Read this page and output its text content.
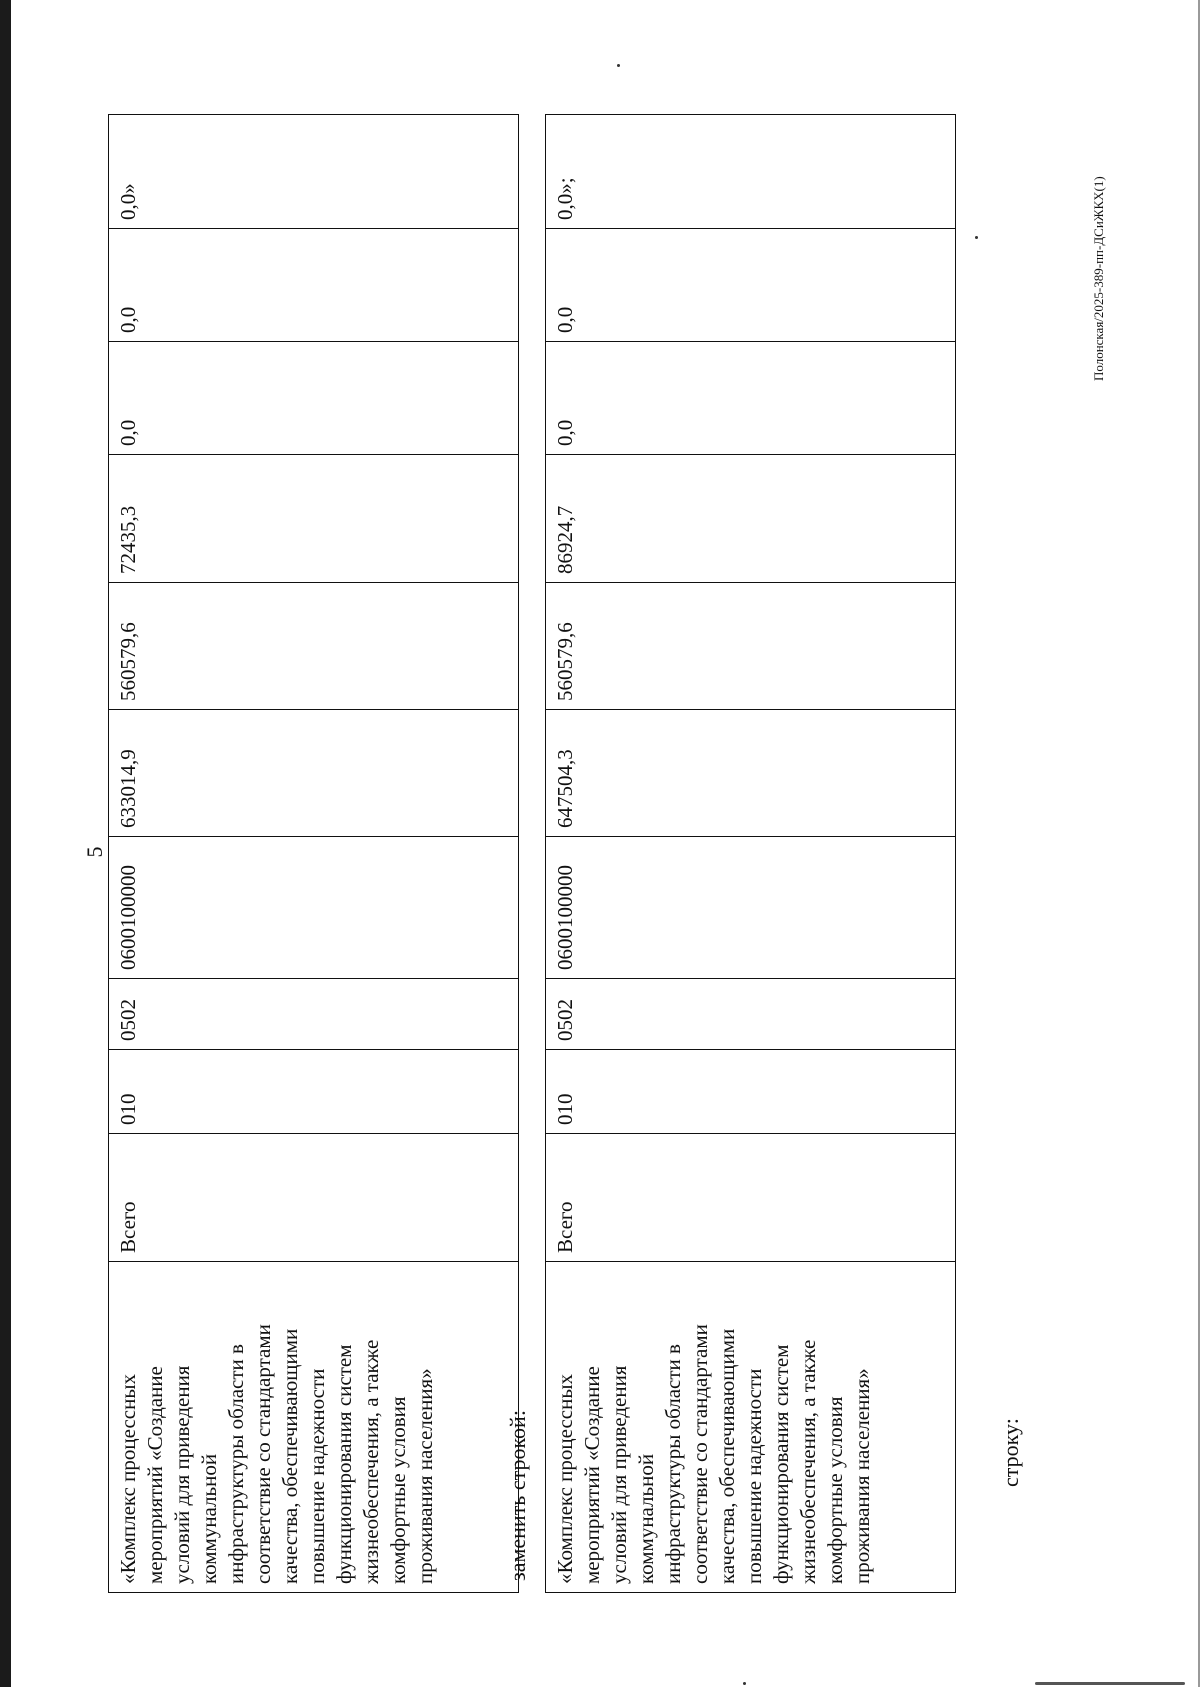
5
«Комплекс процессных мероприятий «Создание условий для приведения коммунальной инфраструктуры области в соответствие со стандартами качества, обеспечивающими повышение надежности функционирования систем жизнеобеспечения, а также комфортные условия проживания населения»
	Всего	010	0502	0600100000	633014,9	560579,6	72435,3	0,0	0,0	0,0»
заменить строкой: «Комплекс процессных мероприятий «Создание условий для приведения коммунальной инфраструктуры области в соответствие со стандартами качества, обеспечивающими повышение надежности функционирования систем жизнеобеспечения, а также комфортные условия проживания населения»
	Всего	010	0502	0600100000	647504,3	560579,6	86924,7	0,0	0,0	0,0»;
строку:
Полонская/2025-389-пп-ДСиЖКХ(1)
